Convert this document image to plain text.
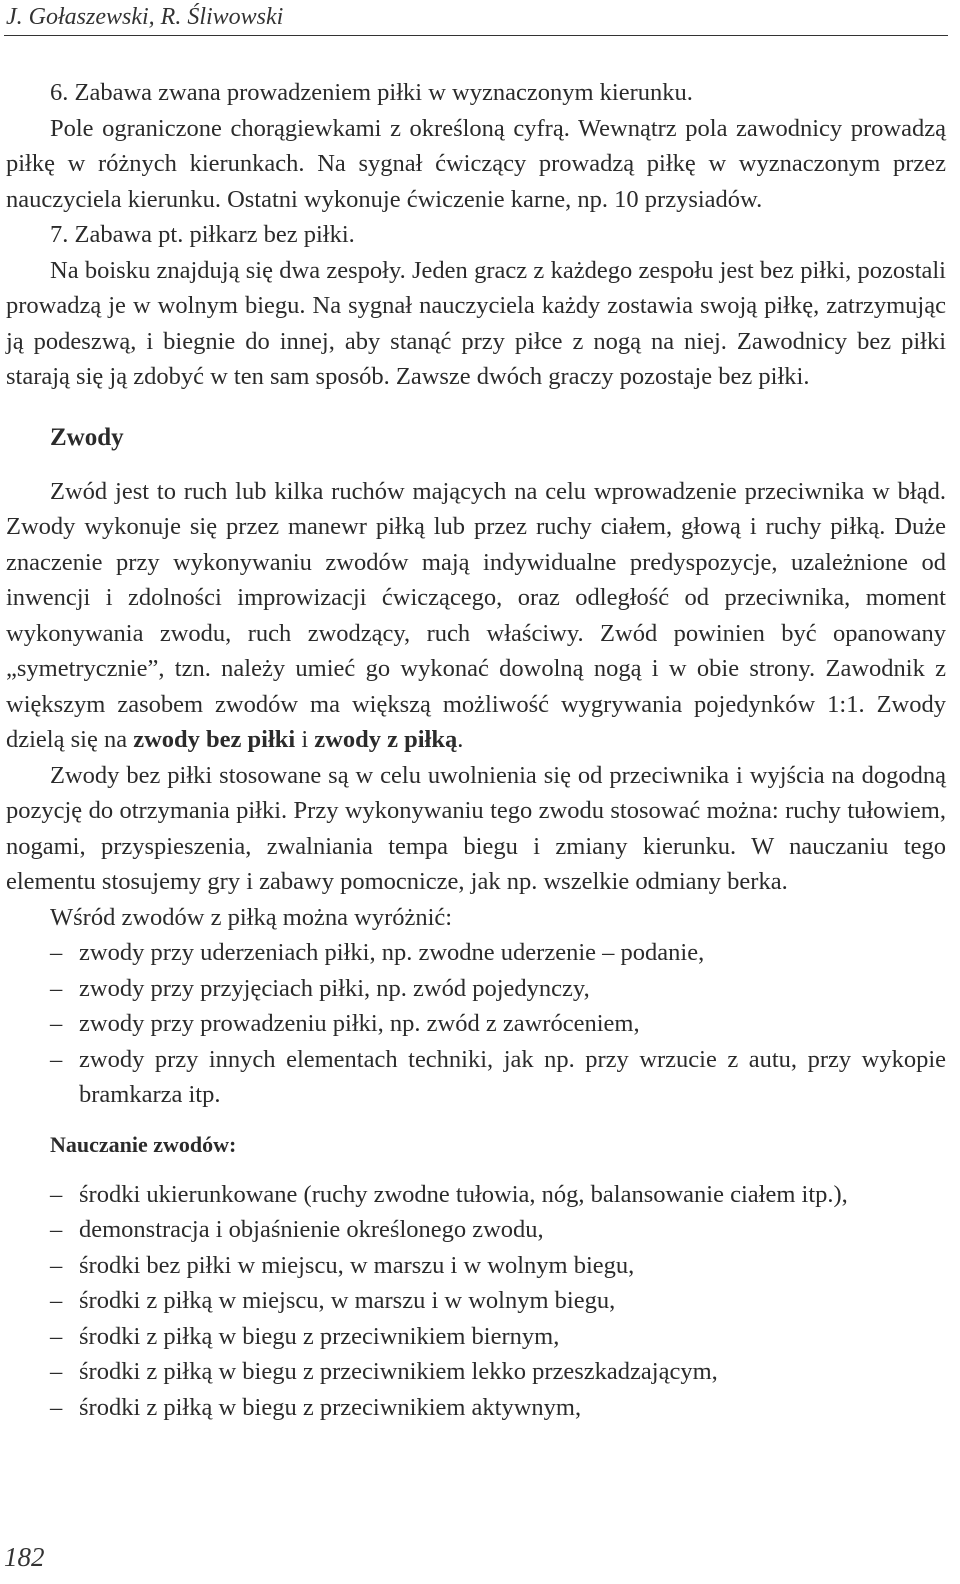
J. Gołaszewski, R. Śliwowski

6. Zabawa zwana prowadzeniem piłki w wyznaczonym kierunku.

Pole ograniczone chorągiewkami z określoną cyfrą. Wewnątrz pola zawodnicy prowadzą piłkę w różnych kierunkach. Na sygnał ćwiczący prowadzą piłkę w wyznaczonym przez nauczyciela kierunku. Ostatni wykonuje ćwiczenie karne, np. 10 przysiadów.

7. Zabawa pt. piłkarz bez piłki.

Na boisku znajdują się dwa zespoły. Jeden gracz z każdego zespołu jest bez piłki, pozostali prowadzą je w wolnym biegu. Na sygnał nauczyciela każdy zostawia swoją piłkę, zatrzymując ją podeszwą, i biegnie do innej, aby stanąć przy piłce z nogą na niej. Zawodnicy bez piłki starają się ją zdobyć w ten sam sposób. Zawsze dwóch graczy pozostaje bez piłki.

Zwody

Zwód jest to ruch lub kilka ruchów mających na celu wprowadzenie przeciwnika w błąd. Zwody wykonuje się przez manewr piłką lub przez ruchy ciałem, głową i ruchy piłką. Duże znaczenie przy wykonywaniu zwodów mają indywidualne predyspozycje, uzależnione od inwencji i zdolności improwizacji ćwiczącego, oraz odległość od przeciwnika, moment wykonywania zwodu, ruch zwodzący, ruch właściwy. Zwód powinien być opanowany „symetrycznie”, tzn. należy umieć go wykonać dowolną nogą i w obie strony. Zawodnik z większym zasobem zwodów ma większą możliwość wygrywania pojedynków 1:1. Zwody dzielą się na zwody bez piłki i zwody z piłką.

Zwody bez piłki stosowane są w celu uwolnienia się od przeciwnika i wyjścia na dogodną pozycję do otrzymania piłki. Przy wykonywaniu tego zwodu stosować można: ruchy tułowiem, nogami, przyspieszenia, zwalniania tempa biegu i zmiany kierunku. W nauczaniu tego elementu stosujemy gry i zabawy pomocnicze, jak np. wszelkie odmiany berka.

Wśród zwodów z piłką można wyróżnić:

– zwody przy uderzeniach piłki, np. zwodne uderzenie – podanie,
– zwody przy przyjęciach piłki, np. zwód pojedynczy,
– zwody przy prowadzeniu piłki, np. zwód z zawróceniem,
– zwody przy innych elementach techniki, jak np. przy wrzucie z autu, przy wykopie bramkarza itp.
Nauczanie zwodów:
– środki ukierunkowane (ruchy zwodne tułowia, nóg, balansowanie ciałem itp.),
– demonstracja i objaśnienie określonego zwodu,
– środki bez piłki w miejscu, w marszu i w wolnym biegu,
– środki z piłką w miejscu, w marszu i w wolnym biegu,
– środki z piłką w biegu z przeciwnikiem biernym,
– środki z piłką w biegu z przeciwnikiem lekko przeszkadzającym,
– środki z piłką w biegu z przeciwnikiem aktywnym,
182
